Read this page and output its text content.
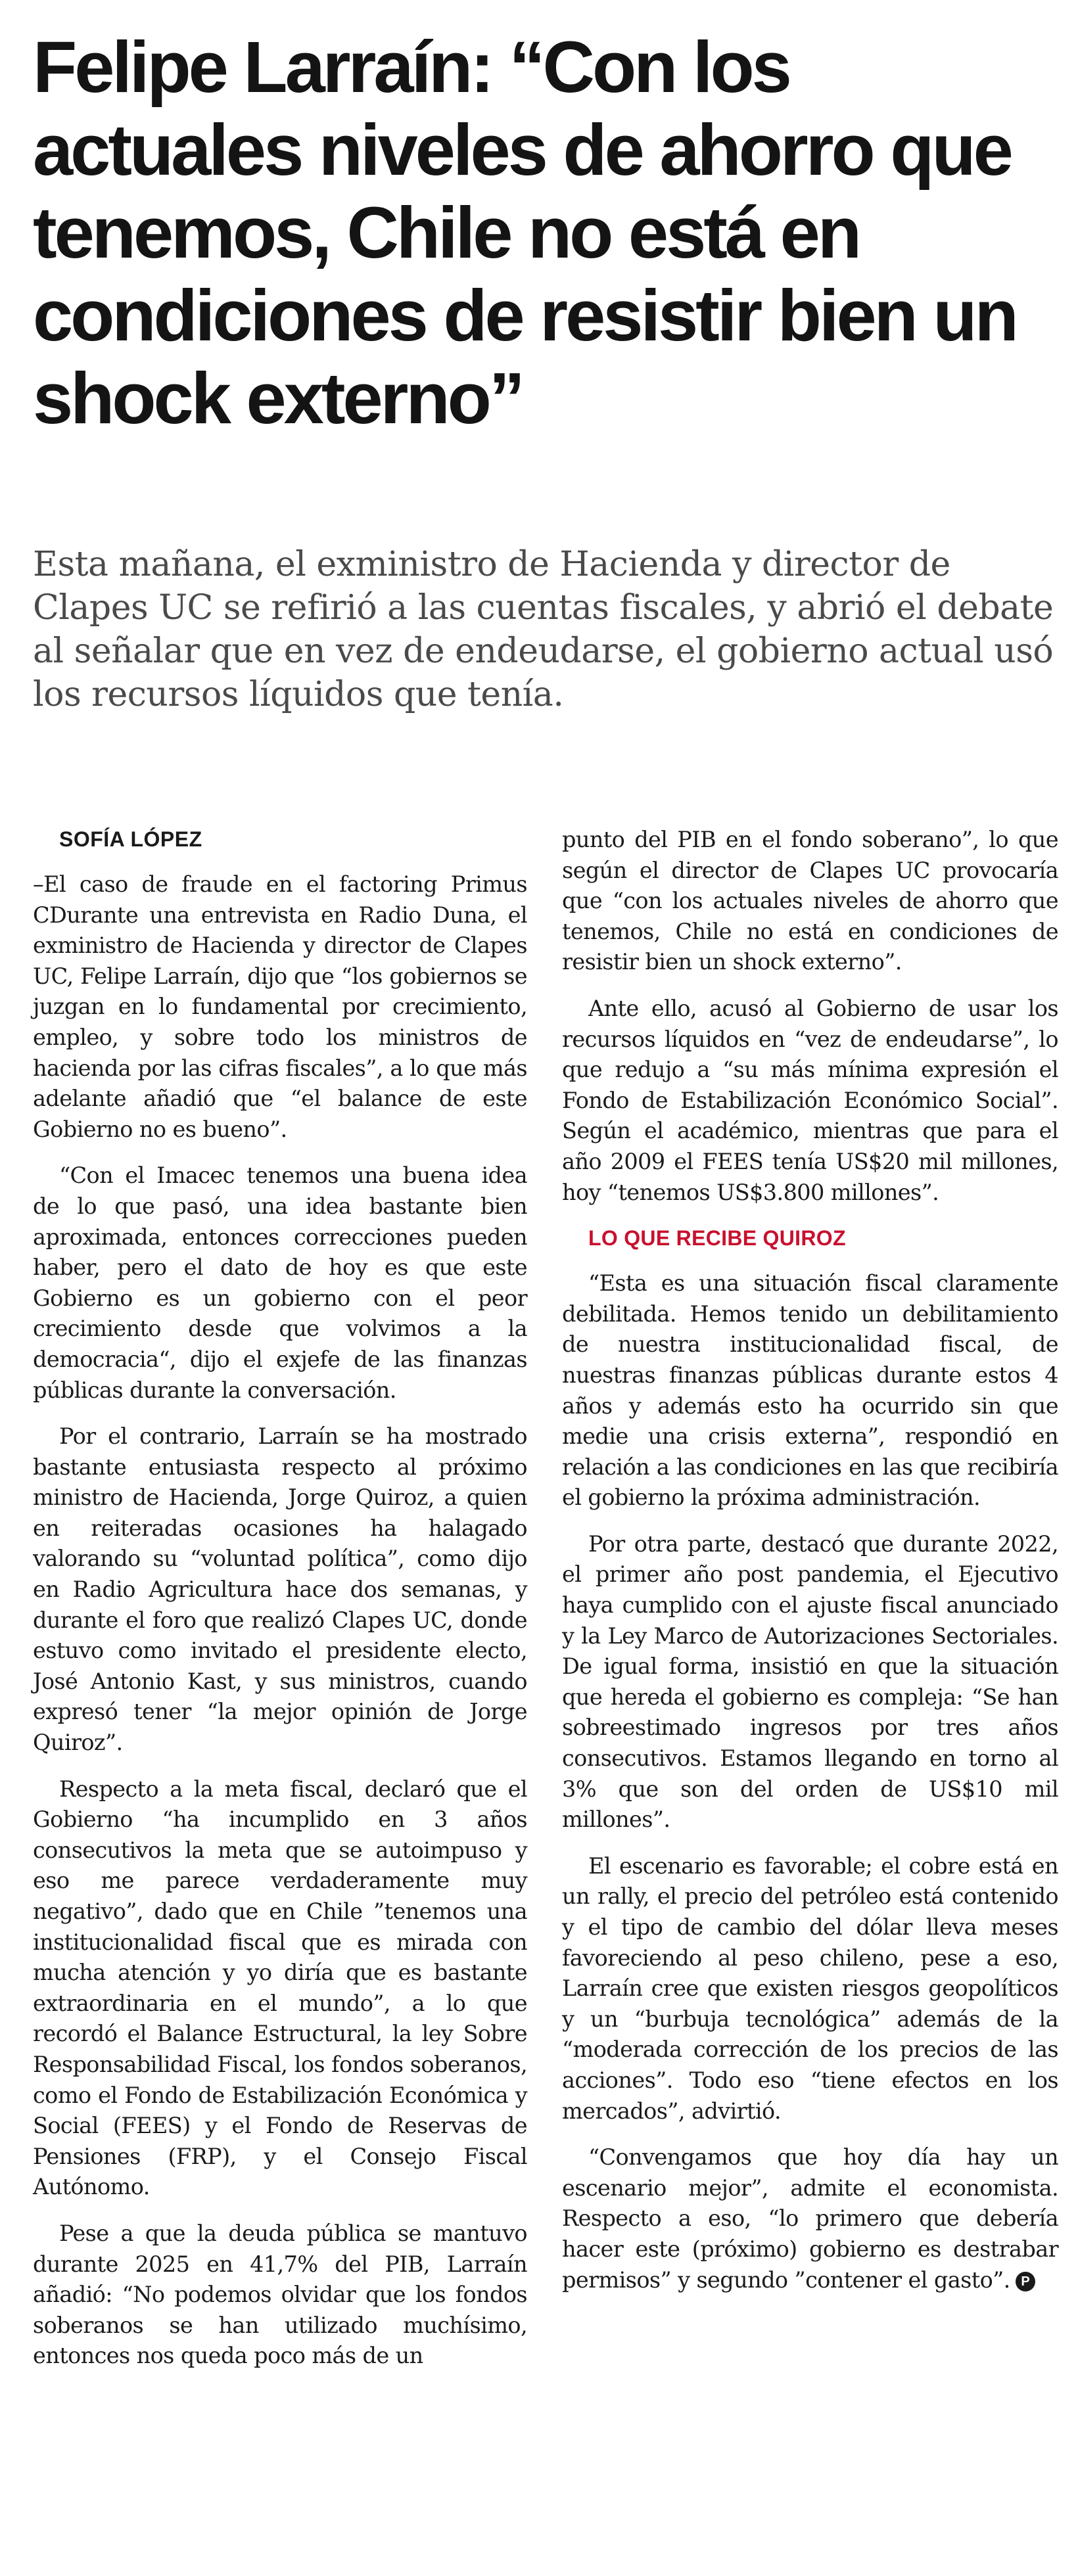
Felipe Larraín: “Con los actuales niveles de ahorro que tenemos, Chile no está en condiciones de resistir bien un shock externo”

Esta mañana, el exministro de Hacienda y director de Clapes UC se refirió a las cuentas fiscales, y abrió el debate al señalar que en vez de endeudarse, el gobierno actual usó los recursos líquidos que tenía.

SOFÍA LÓPEZ

–El caso de fraude en el factoring Primus CDurante una entrevista en Radio Duna, el exministro de Hacienda y director de Clapes UC, Felipe Larraín, dijo que “los gobiernos se juzgan en lo fundamental por crecimiento, empleo, y sobre todo los ministros de hacienda por las cifras fiscales”, a lo que más adelante añadió que “el balance de este Gobierno no es bueno”.

“Con el Imacec tenemos una buena idea de lo que pasó, una idea bastante bien aproximada, entonces correcciones pueden haber, pero el dato de hoy es que este Gobierno es un gobierno con el peor crecimiento desde que volvimos a la democracia“, dijo el exjefe de las finanzas públicas durante la conversación.

Por el contrario, Larraín se ha mostrado bastante entusiasta respecto al próximo ministro de Hacienda, Jorge Quiroz, a quien en reiteradas ocasiones ha halagado valorando su “voluntad política”, como dijo en Radio Agricultura hace dos semanas, y durante el foro que realizó Clapes UC, donde estuvo como invitado el presidente electo, José Antonio Kast, y sus ministros, cuando expresó tener “la mejor opinión de Jorge Quiroz”.

Respecto a la meta fiscal, declaró que el Gobierno “ha incumplido en 3 años consecutivos la meta que se autoimpuso y eso me parece verdaderamente muy negativo”, dado que en Chile ”tenemos una institucionalidad fiscal que es mirada con mucha atención y yo diría que es bastante extraordinaria en el mundo”, a lo que recordó el Balance Estructural, la ley Sobre Responsabilidad Fiscal, los fondos soberanos, como el Fondo de Estabilización Económica y Social (FEES) y el Fondo de Reservas de Pensiones (FRP), y el Consejo Fiscal Autónomo.

Pese a que la deuda pública se mantuvo durante 2025 en 41,7% del PIB, Larraín añadió: “No podemos olvidar que los fondos soberanos se han utilizado muchísimo, entonces nos queda poco más de un

punto del PIB en el fondo soberano”, lo que según el director de Clapes UC provocaría que “con los actuales niveles de ahorro que tenemos, Chile no está en condiciones de resistir bien un shock externo”.

Ante ello, acusó al Gobierno de usar los recursos líquidos en “vez de endeudarse”, lo que redujo a “su más mínima expresión el Fondo de Estabilización Económico Social”. Según el académico, mientras que para el año 2009 el FEES tenía US$20 mil millones, hoy “tenemos US$3.800 millones”.

LO QUE RECIBE QUIROZ

“Esta es una situación fiscal claramente debilitada. Hemos tenido un debilitamiento de nuestra institucionalidad fiscal, de nuestras finanzas públicas durante estos 4 años y además esto ha ocurrido sin que medie una crisis externa”, respondió en relación a las condiciones en las que recibiría el gobierno la próxima administración.

Por otra parte, destacó que durante 2022, el primer año post pandemia, el Ejecutivo haya cumplido con el ajuste fiscal anunciado y la Ley Marco de Autorizaciones Sectoriales. De igual forma, insistió en que la situación que hereda el gobierno es compleja: “Se han sobreestimado ingresos por tres años consecutivos. Estamos llegando en torno al 3% que son del orden de US$10 mil millones”.

El escenario es favorable; el cobre está en un rally, el precio del petróleo está contenido y el tipo de cambio del dólar lleva meses favoreciendo al peso chileno, pese a eso, Larraín cree que existen riesgos geopolíticos y un “burbuja tecnológica” además de la “moderada corrección de los precios de las acciones”. Todo eso “tiene efectos en los mercados”, advirtió.

“Convengamos que hoy día hay un escenario mejor”, admite el economista. Respecto a eso, “lo primero que debería hacer este (próximo) gobierno es destrabar permisos” y segundo ”contener el gasto”. P
